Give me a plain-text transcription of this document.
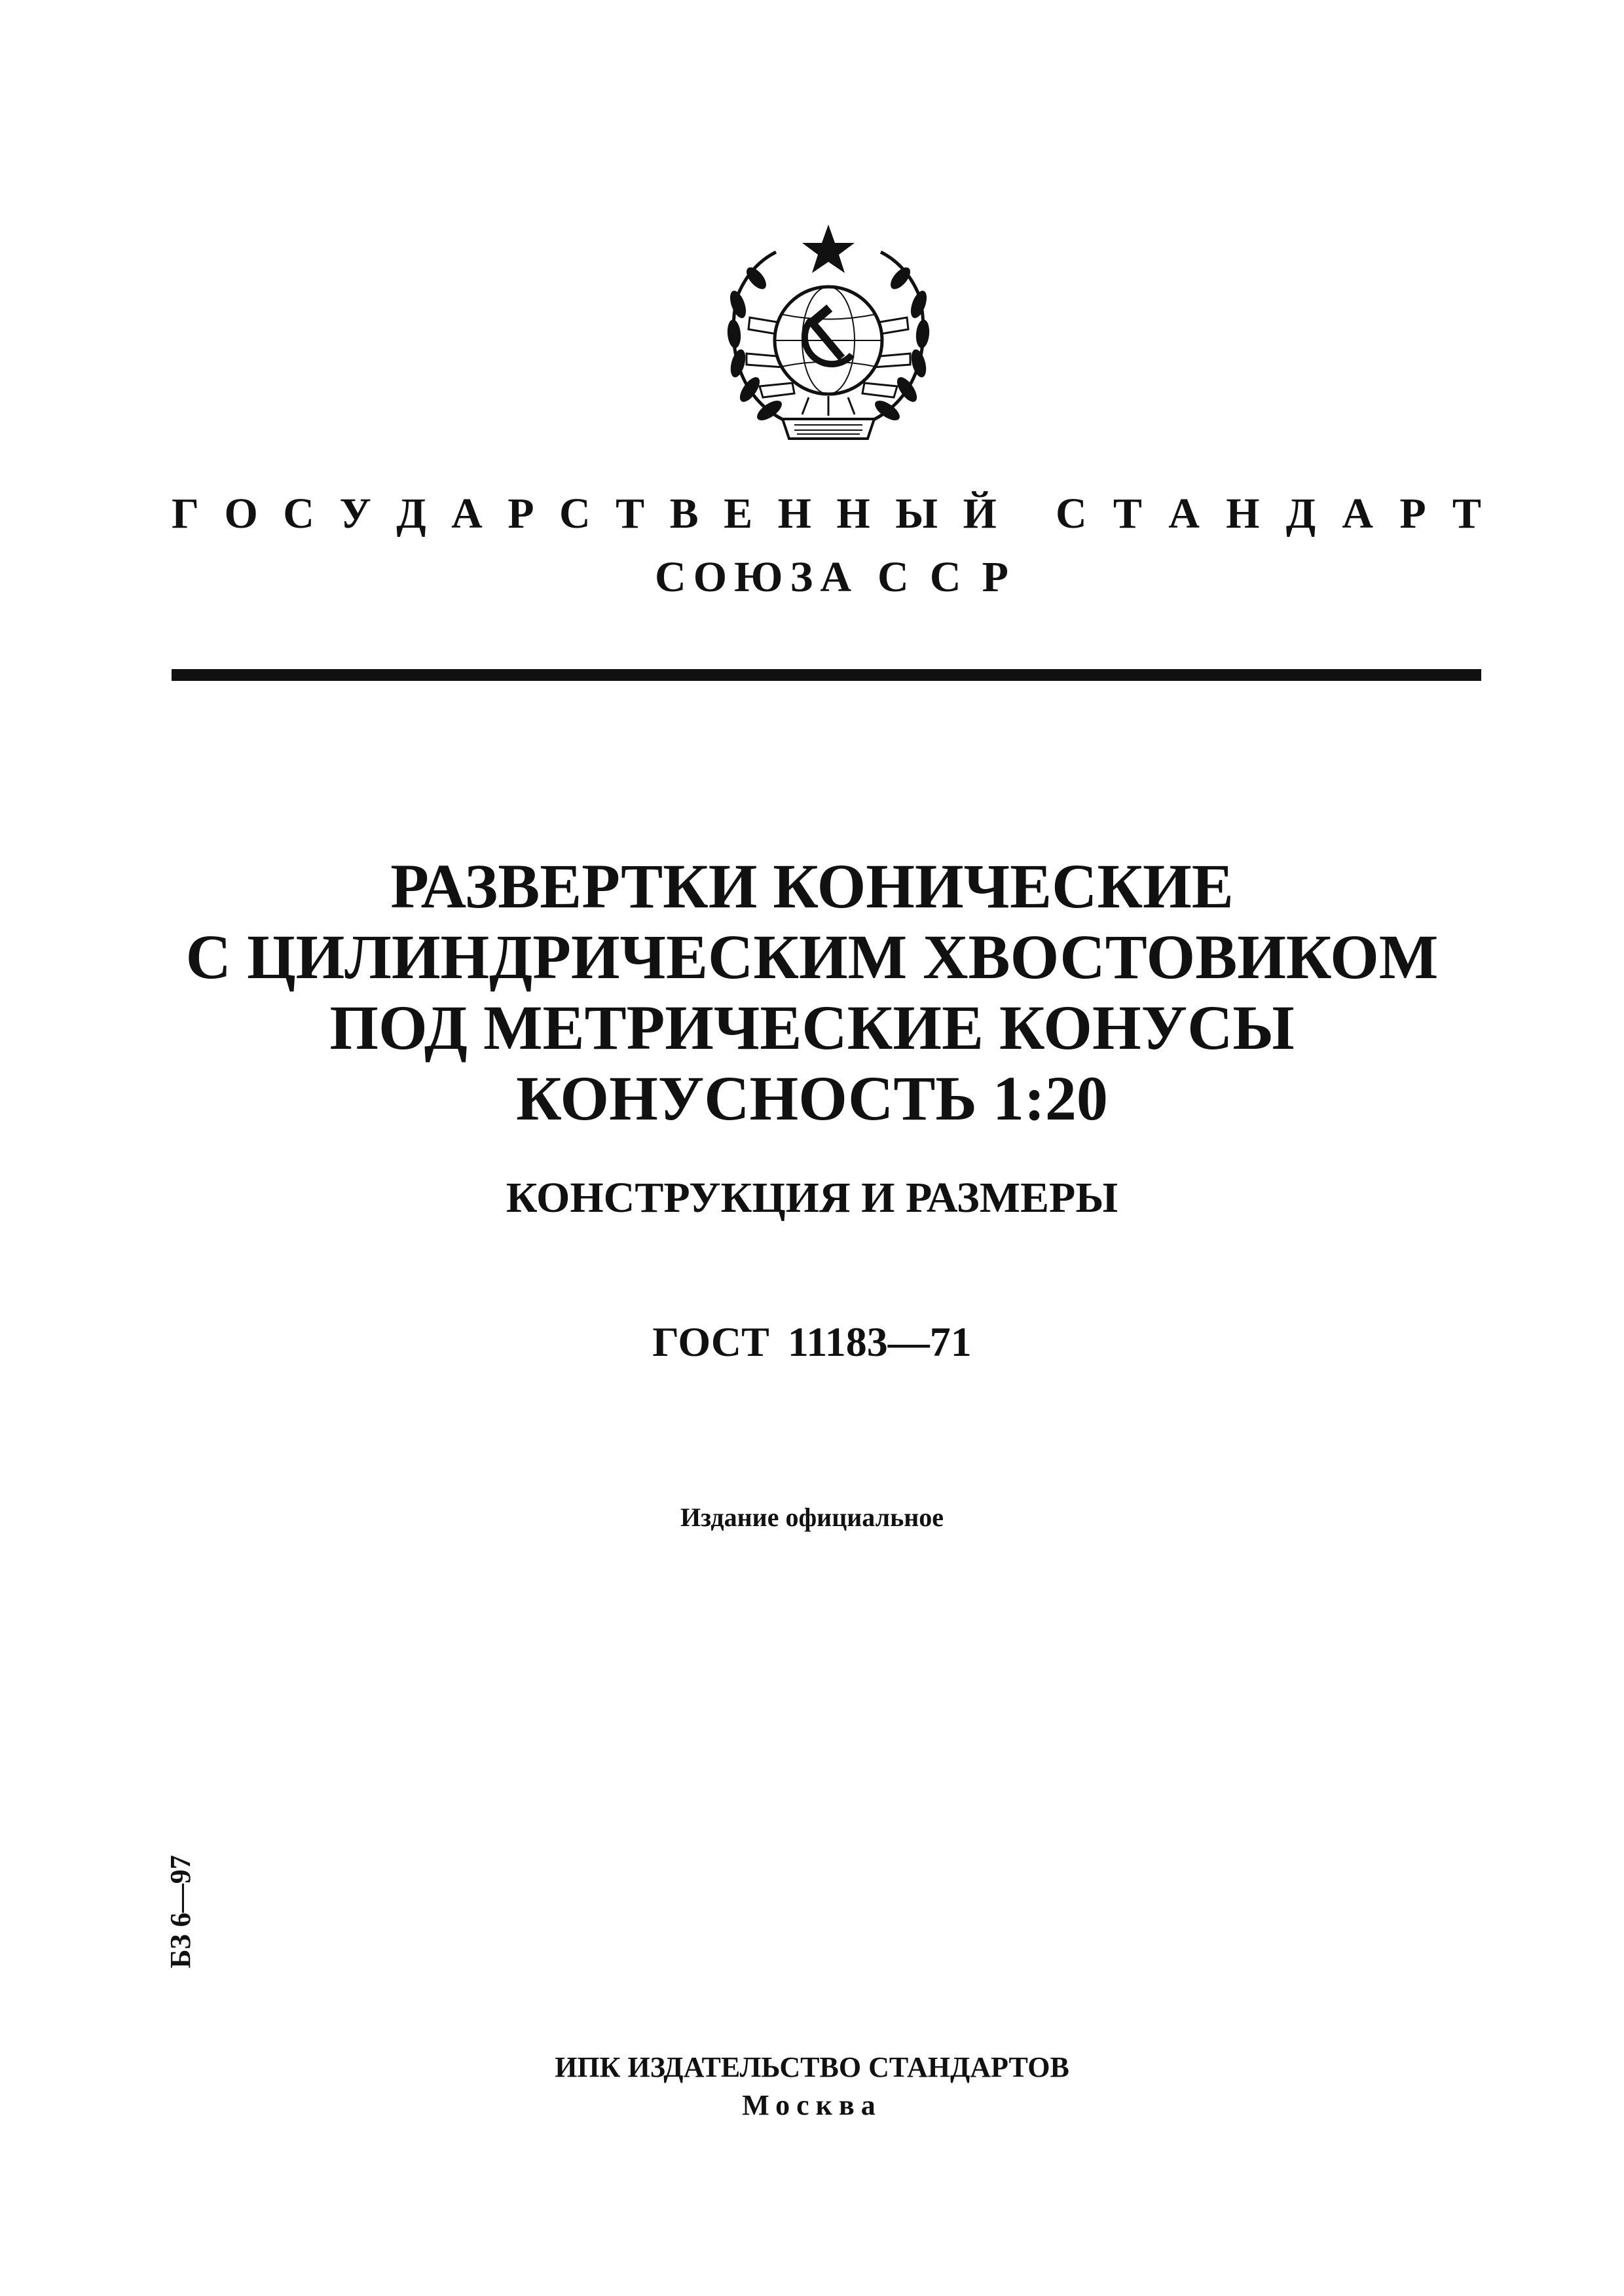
Г О С У Д А Р С Т В Е Н Н Ы Й С Т А Н Д А Р Т
С О Ю З А С С Р
РАЗВЕРТКИ КОНИЧЕСКИЕ
С ЦИЛИНДРИЧЕСКИМ ХВОСТОВИКОМ
ПОД МЕТРИЧЕСКИЕ КОНУСЫ
КОНУСНОСТЬ 1:20
КОНСТРУКЦИЯ И РАЗМЕРЫ
ГОСТ 11183—71
Издание официальное
БЗ 6—97
ИПК ИЗДАТЕЛЬСТВО СТАНДАРТОВ
Москва
